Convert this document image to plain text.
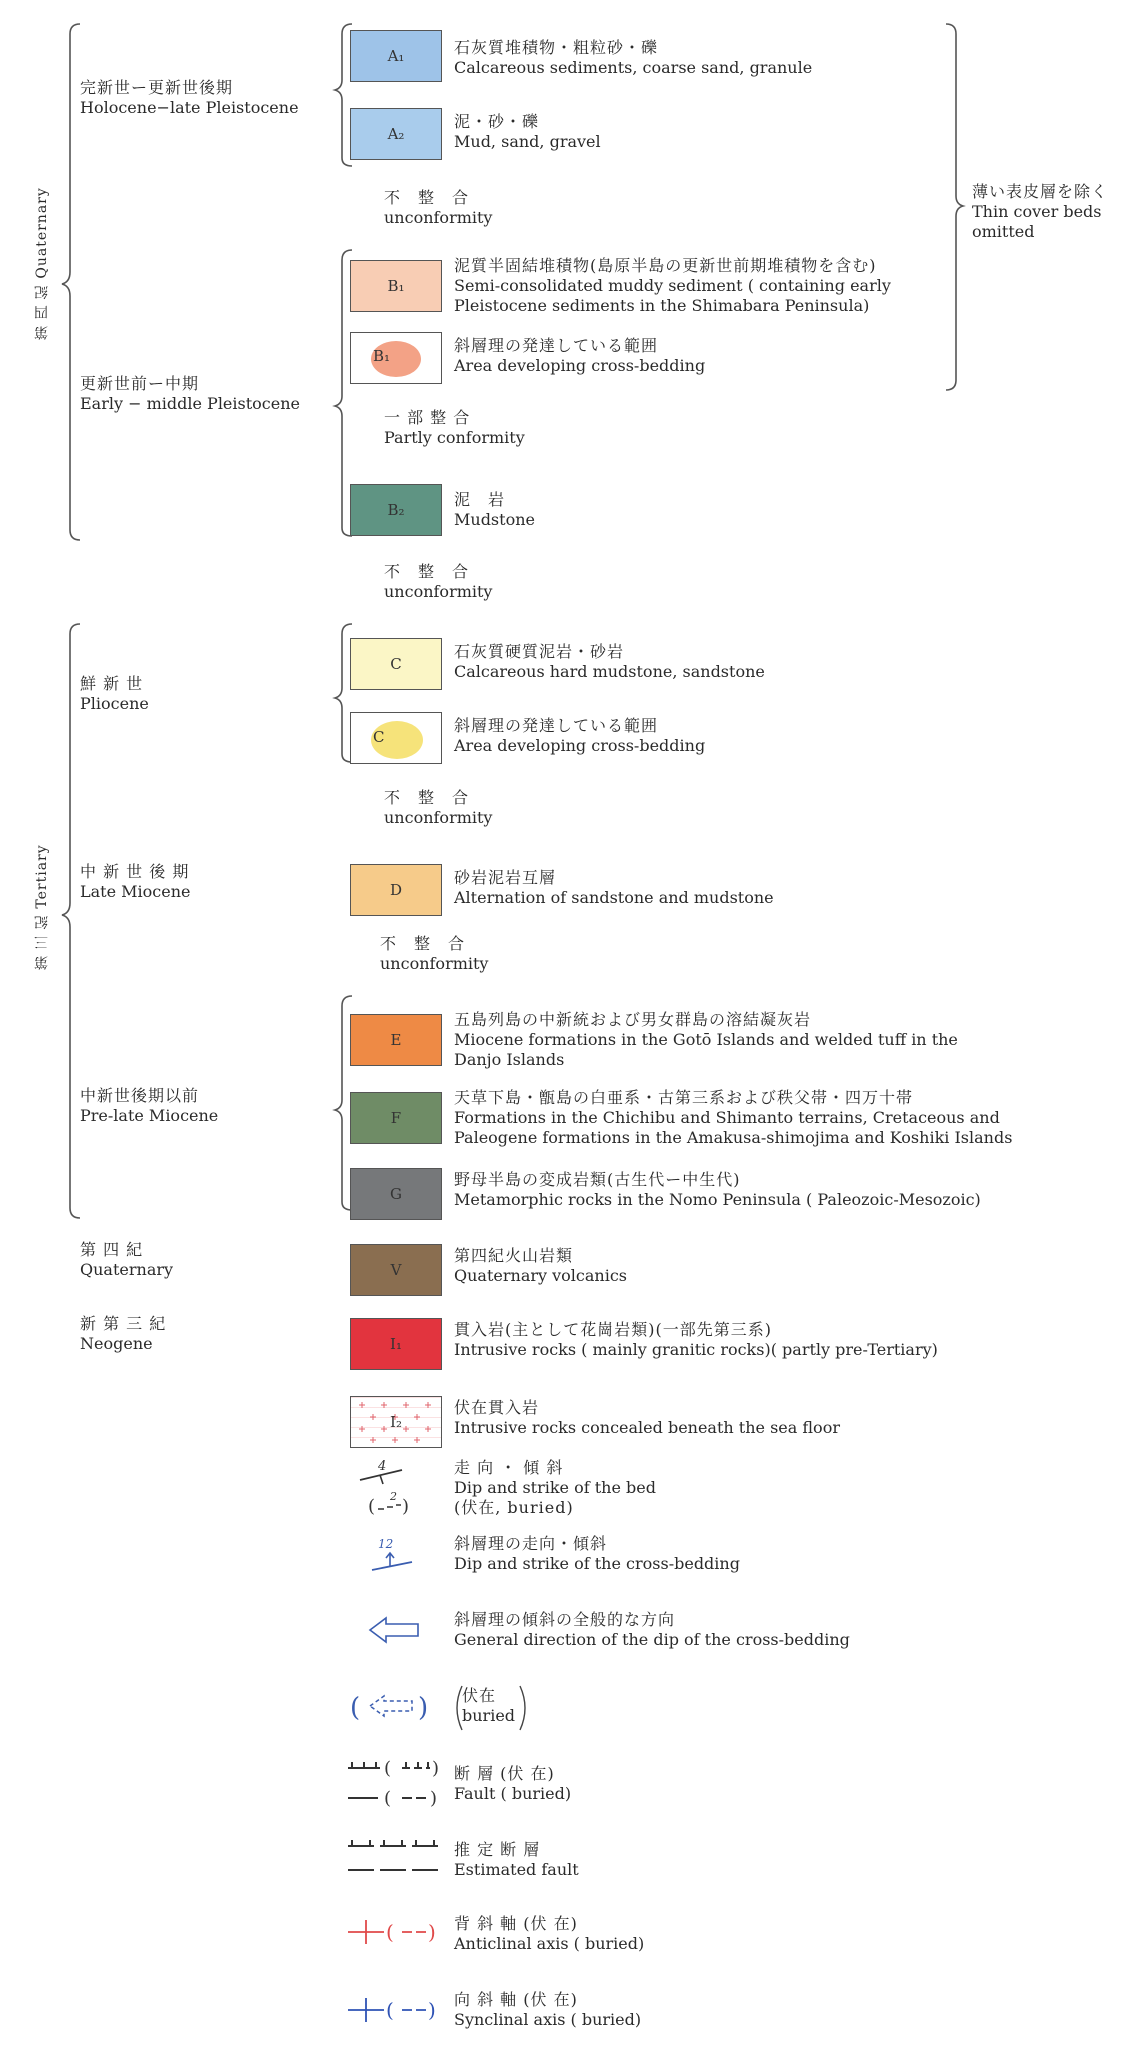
第 四 紀 Quaternary
第 三 紀 Tertiary
完新世ー更新世後期
Holocene−late Pleistocene
更新世前ー中期
Early − middle Pleistocene
鮮 新 世
Pliocene
中 新 世 後 期
Late Miocene
中新世後期以前
Pre-late Miocene
第 四 紀
Quaternary
新 第 三 紀
Neogene
薄い表皮層を除く
Thin cover beds
omitted
A₁
A₂
B₁
B₁
B₂
C
C
D
E
F
G
V
I₁
I₂
石灰質堆積物・粗粒砂・礫
Calcareous sediments, coarse sand, granule
泥・砂・礫
Mud, sand, gravel
泥質半固結堆積物(島原半島の更新世前期堆積物を含む)
Semi-consolidated muddy sediment ( containing early
Pleistocene sediments in the Shimabara Peninsula)
斜層理の発達している範囲
Area developing cross-bedding
泥　岩
Mudstone
石灰質硬質泥岩・砂岩
Calcareous hard mudstone, sandstone
斜層理の発達している範囲
Area developing cross-bedding
砂岩泥岩互層
Alternation of sandstone and mudstone
五島列島の中新統および男女群島の溶結凝灰岩
Miocene formations in the Gotō Islands and welded tuff in the
Danjo Islands
天草下島・甑島の白亜系・古第三系および秩父帯・四万十帯
Formations in the Chichibu and Shimanto terrains, Cretaceous and
Paleogene formations in the Amakusa-shimojima and Koshiki Islands
野母半島の変成岩類(古生代ー中生代)
Metamorphic rocks in the Nomo Peninsula ( Paleozoic-Mesozoic)
第四紀火山岩類
Quaternary volcanics
貫入岩(主として花崗岩類)(一部先第三系)
Intrusive rocks ( mainly granitic rocks)( partly pre-Tertiary)
伏在貫入岩
Intrusive rocks concealed beneath the sea floor
不　整　合
unconformity
一 部 整 合
Partly conformity
不　整　合
unconformity
不　整　合
unconformity
不　整　合
unconformity
4
( )
2
走 向 ・ 傾 斜
Dip and strike of the bed
(伏在, buried)
12	斜層理の走向・傾斜
Dip and strike of the cross-bedding
斜層理の傾斜の全般的な方向
General direction of the dip of the cross-bedding
( ) 伏在
buried
( )
( )
断 層 (伏 在)
Fault ( buried)
推 定 断 層
Estimated fault
( ) 背 斜 軸 (伏 在)
Anticlinal axis ( buried)
( ) 向 斜 軸 (伏 在)
Synclinal axis ( buried)
